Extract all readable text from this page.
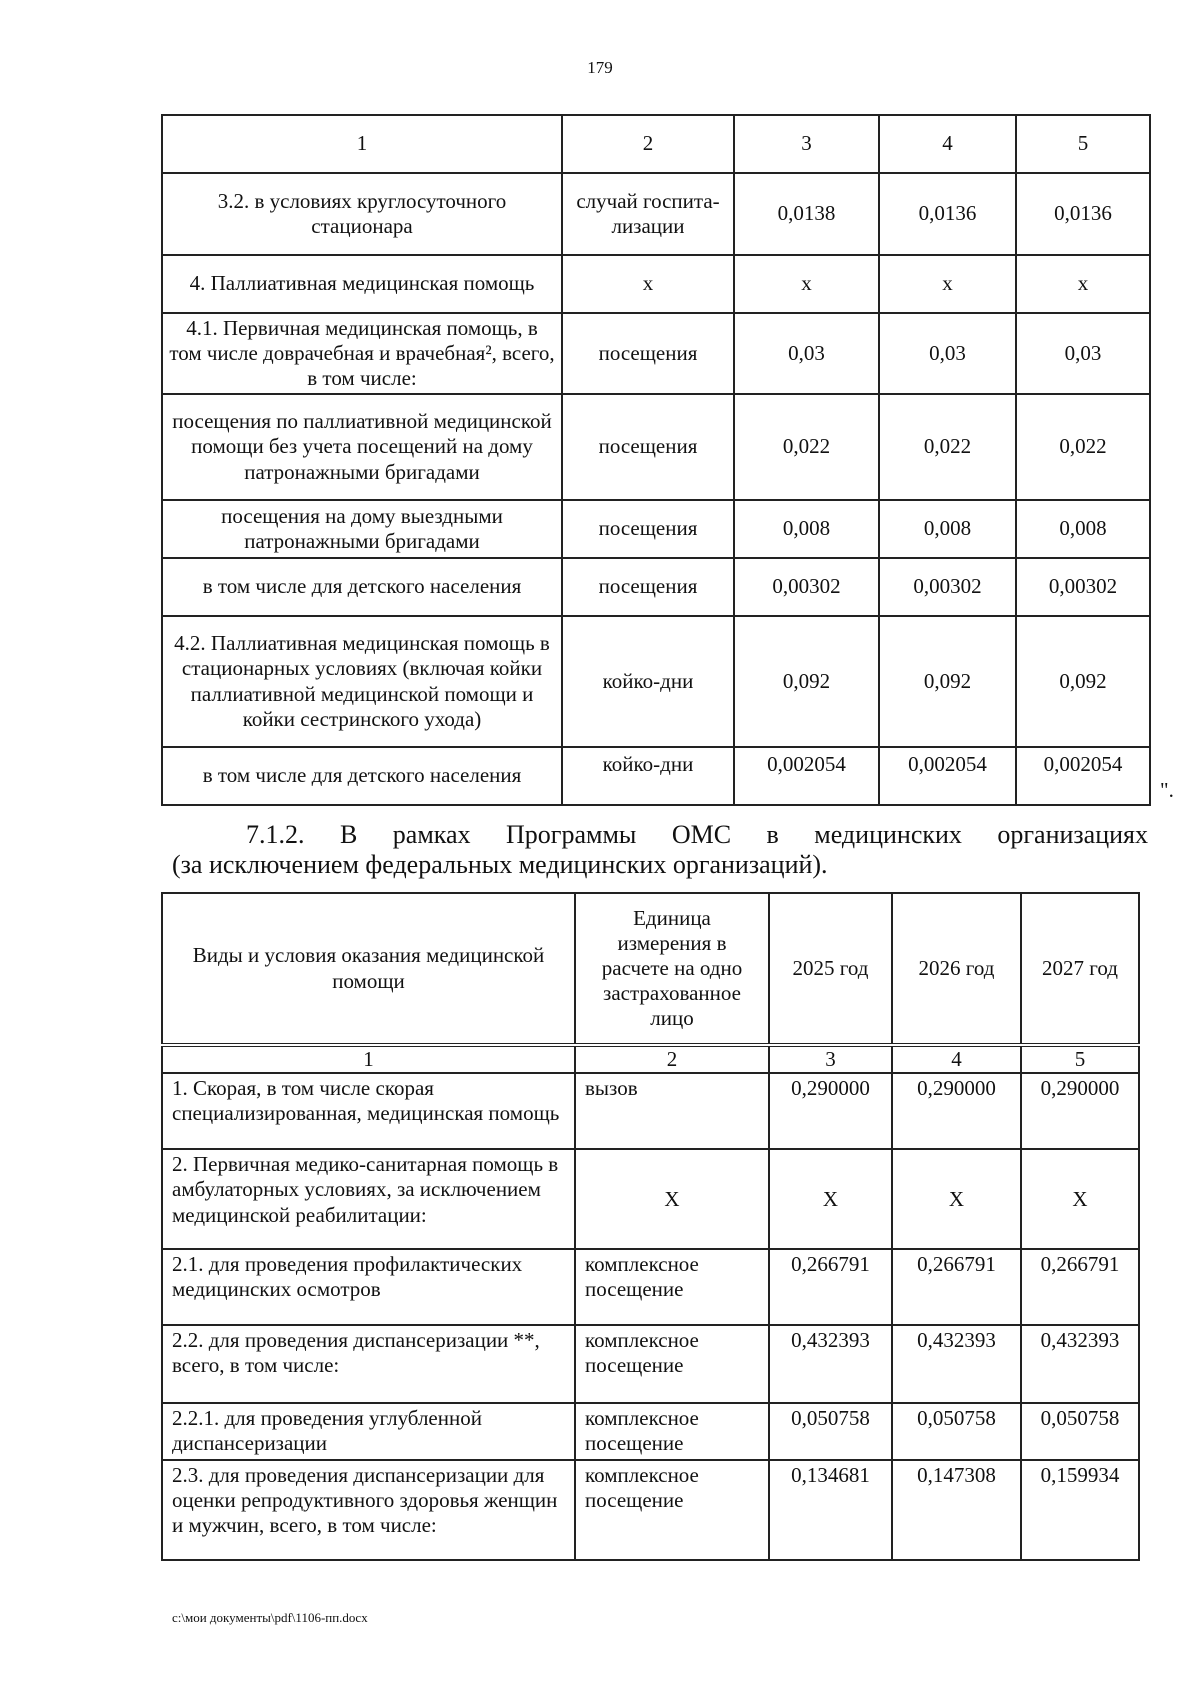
179
1	2	3	4	5
3.2. в условиях круглосуточного стационара	случай госпита-лизации	0,0138	0,0136	0,0136
4. Паллиативная медицинская помощь	х	х	х	х
4.1. Первичная медицинская помощь, в том числе доврачебная и врачебная², всего, в том числе:	посещения	0,03	0,03	0,03
посещения по паллиативной медицинской помощи без учета посещений на дому патронажными бригадами	посещения	0,022	0,022	0,022
посещения на дому выездными патронажными бригадами	посещения	0,008	0,008	0,008
в том числе для детского населения	посещения	0,00302	0,00302	0,00302
4.2. Паллиативная медицинская помощь в стационарных условиях (включая койки паллиативной медицинской помощи и койки сестринского ухода)	койко-дни	0,092	0,092	0,092
в том числе для детского населения	койко-дни	0,002054	0,002054	0,002054
".
7.1.2. В рамках Программы ОМС в медицинских организациях
(за исключением федеральных медицинских организаций).
Виды и условия оказания медицинской помощи	Единица измерения в расчете на одно застрахованное лицо	2025 год	2026 год	2027 год
1	2	3	4	5
1. Скорая, в том числе скорая специализированная, медицинская помощь	вызов	0,290000	0,290000	0,290000
2. Первичная медико-санитарная помощь в амбулаторных условиях, за исключением медицинской реабилитации:	Х	Х	Х	Х
2.1. для проведения профилактических медицинских осмотров	комплексное посещение	0,266791	0,266791	0,266791
2.2. для проведения диспансеризации **, всего, в том числе:	комплексное посещение	0,432393	0,432393	0,432393
2.2.1. для проведения углубленной диспансеризации	комплексное посещение	0,050758	0,050758	0,050758
2.3. для проведения диспансеризации для оценки репродуктивного здоровья женщин и мужчин, всего, в том числе:	комплексное посещение	0,134681	0,147308	0,159934
c:\мои документы\pdf\1106-пп.docx
